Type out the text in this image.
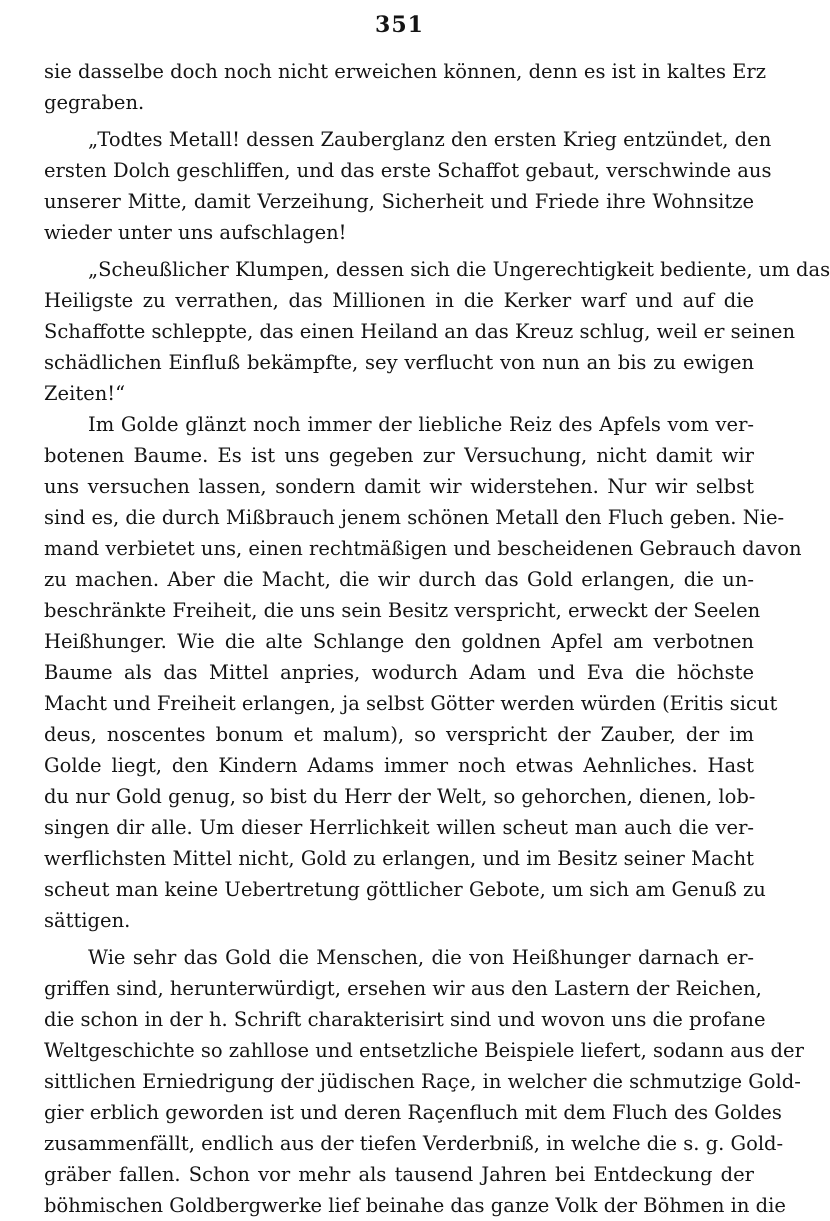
351
sie dasselbe doch noch nicht erweichen können, denn es ist in kaltes Erz
gegraben.
„Todtes Metall! dessen Zauberglanz den ersten Krieg entzündet, den
ersten Dolch geschliffen, und das erste Schaffot gebaut, verschwinde aus
unserer Mitte, damit Verzeihung, Sicherheit und Friede ihre Wohnsitze
wieder unter uns aufschlagen!
„Scheußlicher Klumpen, dessen sich die Ungerechtigkeit bediente, um das
Heiligste zu verrathen, das Millionen in die Kerker warf und auf die
Schaffotte schleppte, das einen Heiland an das Kreuz schlug, weil er seinen
schädlichen Einfluß bekämpfte, sey verflucht von nun an bis zu ewigen
Zeiten!“
Im Golde glänzt noch immer der liebliche Reiz des Apfels vom ver-
botenen Baume. Es ist uns gegeben zur Versuchung, nicht damit wir
uns versuchen lassen, sondern damit wir widerstehen. Nur wir selbst
sind es, die durch Mißbrauch jenem schönen Metall den Fluch geben. Nie-
mand verbietet uns, einen rechtmäßigen und bescheidenen Gebrauch davon
zu machen. Aber die Macht, die wir durch das Gold erlangen, die un-
beschränkte Freiheit, die uns sein Besitz verspricht, erweckt der Seelen
Heißhunger. Wie die alte Schlange den goldnen Apfel am verbotnen
Baume als das Mittel anpries, wodurch Adam und Eva die höchste
Macht und Freiheit erlangen, ja selbst Götter werden würden (Eritis sicut
deus, noscentes bonum et malum), so verspricht der Zauber, der im
Golde liegt, den Kindern Adams immer noch etwas Aehnliches. Hast
du nur Gold genug, so bist du Herr der Welt, so gehorchen, dienen, lob-
singen dir alle. Um dieser Herrlichkeit willen scheut man auch die ver-
werflichsten Mittel nicht, Gold zu erlangen, und im Besitz seiner Macht
scheut man keine Uebertretung göttlicher Gebote, um sich am Genuß zu
sättigen.
Wie sehr das Gold die Menschen, die von Heißhunger darnach er-
griffen sind, herunterwürdigt, ersehen wir aus den Lastern der Reichen,
die schon in der h. Schrift charakterisirt sind und wovon uns die profane
Weltgeschichte so zahllose und entsetzliche Beispiele liefert, sodann aus der
sittlichen Erniedrigung der jüdischen Raçe, in welcher die schmutzige Gold-
gier erblich geworden ist und deren Raçenfluch mit dem Fluch des Goldes
zusammenfällt, endlich aus der tiefen Verderbniß, in welche die s. g. Gold-
gräber fallen. Schon vor mehr als tausend Jahren bei Entdeckung der
böhmischen Goldbergwerke lief beinahe das ganze Volk der Böhmen in die
